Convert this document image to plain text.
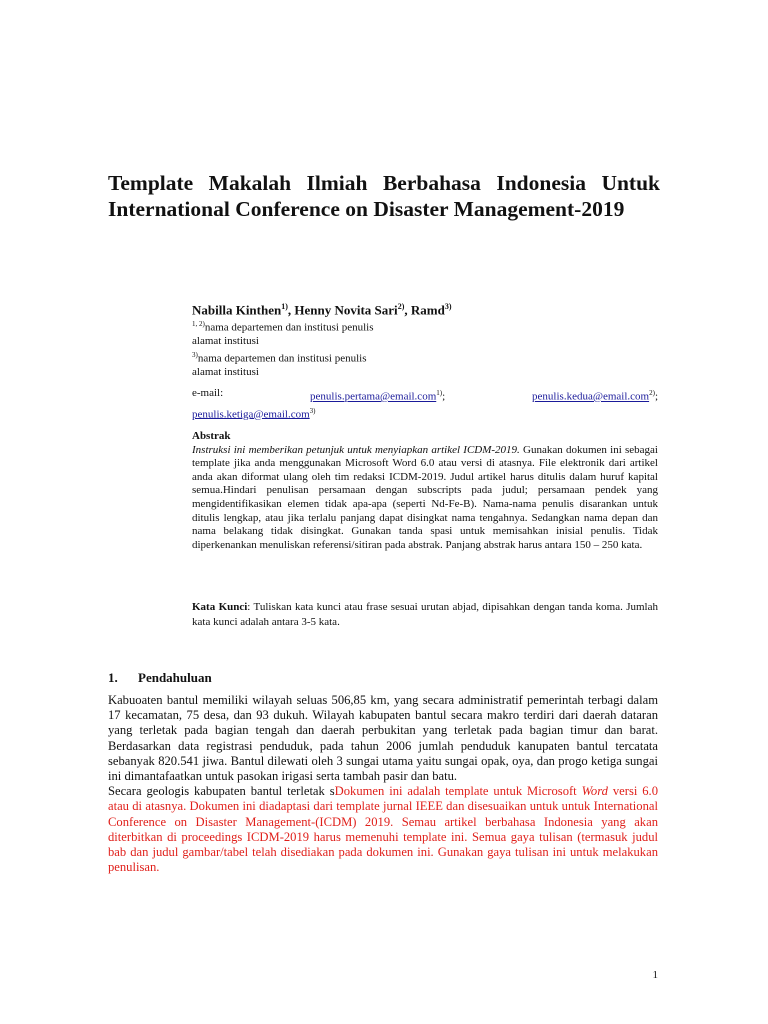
Template Makalah Ilmiah Berbahasa Indonesia Untuk International Conference on Disaster Management-2019

Nabilla Kinthen$^{1)}$, Henny Novita Sari$^{2)}$, Ramd$^{3)}$

$^{1, 2)}$nama departemen dan institusi penulis

alamat institusi

$^{3)}$nama departemen dan institusi penulis

alamat institusi

e-mail:	penulis.pertama@email.com$^{1)}$;	penulis.kedua@email.com$^{2)}$;
penulis.ketiga@email.com$^{3)}$
Abstrak
Instruksi ini memberikan petunjuk untuk menyiapkan artikel ICDM-2019. Gunakan dokumen ini sebagai template jika anda menggunakan Microsoft Word 6.0 atau versi di atasnya. File elektronik dari artikel anda akan diformat ulang oleh tim redaksi ICDM-2019. Judul artikel harus ditulis dalam huruf kapital semua.Hindari penulisan persamaan dengan subscripts pada judul; persamaan pendek yang mengidentifikasikan elemen tidak apa-apa (seperti Nd-Fe-B). Nama-nama penulis disarankan untuk ditulis lengkap, atau jika terlalu panjang dapat disingkat nama tengahnya. Sedangkan nama depan dan nama belakang tidak disingkat. Gunakan tanda spasi untuk memisahkan inisial penulis. Tidak diperkenankan menuliskan referensi/sitiran pada abstrak. Panjang abstrak harus antara 150 – 250 kata.
Kata Kunci: Tuliskan kata kunci atau frase sesuai urutan abjad, dipisahkan dengan tanda koma. Jumlah kata kunci adalah antara 3-5 kata.
1. Pendahuluan

Kabuoaten bantul memiliki wilayah seluas 506,85 km, yang secara administratif pemerintah terbagi dalam 17 kecamatan, 75 desa, dan 93 dukuh. Wilayah kabupaten bantul secara makro terdiri dari daerah dataran yang terletak pada bagian tengah dan daerah perbukitan yang terletak pada bagian timur dan barat. Berdasarkan data registrasi penduduk, pada tahun 2006 jumlah penduduk kanupaten bantul tercatata sebanyak 820.541 jiwa. Bantul dilewati oleh 3 sungai utama yaitu sungai opak, oya, dan progo ketiga sungai ini dimantafaatkan untuk pasokan irigasi serta tambah pasir dan batu.

Secara geologis kabupaten bantul terletak sDokumen ini adalah template untuk Microsoft Word versi 6.0 atau di atasnya. Dokumen ini diadaptasi dari template jurnal IEEE dan disesuaikan untuk untuk International Conference on Disaster Management-(ICDM) 2019. Semau artikel berbahasa Indonesia yang akan diterbitkan di proceedings ICDM-2019 harus memenuhi template ini. Semua gaya tulisan (termasuk judul bab dan judul gambar/tabel telah disediakan pada dokumen ini. Gunakan gaya tulisan ini untuk melakukan penulisan.

1
